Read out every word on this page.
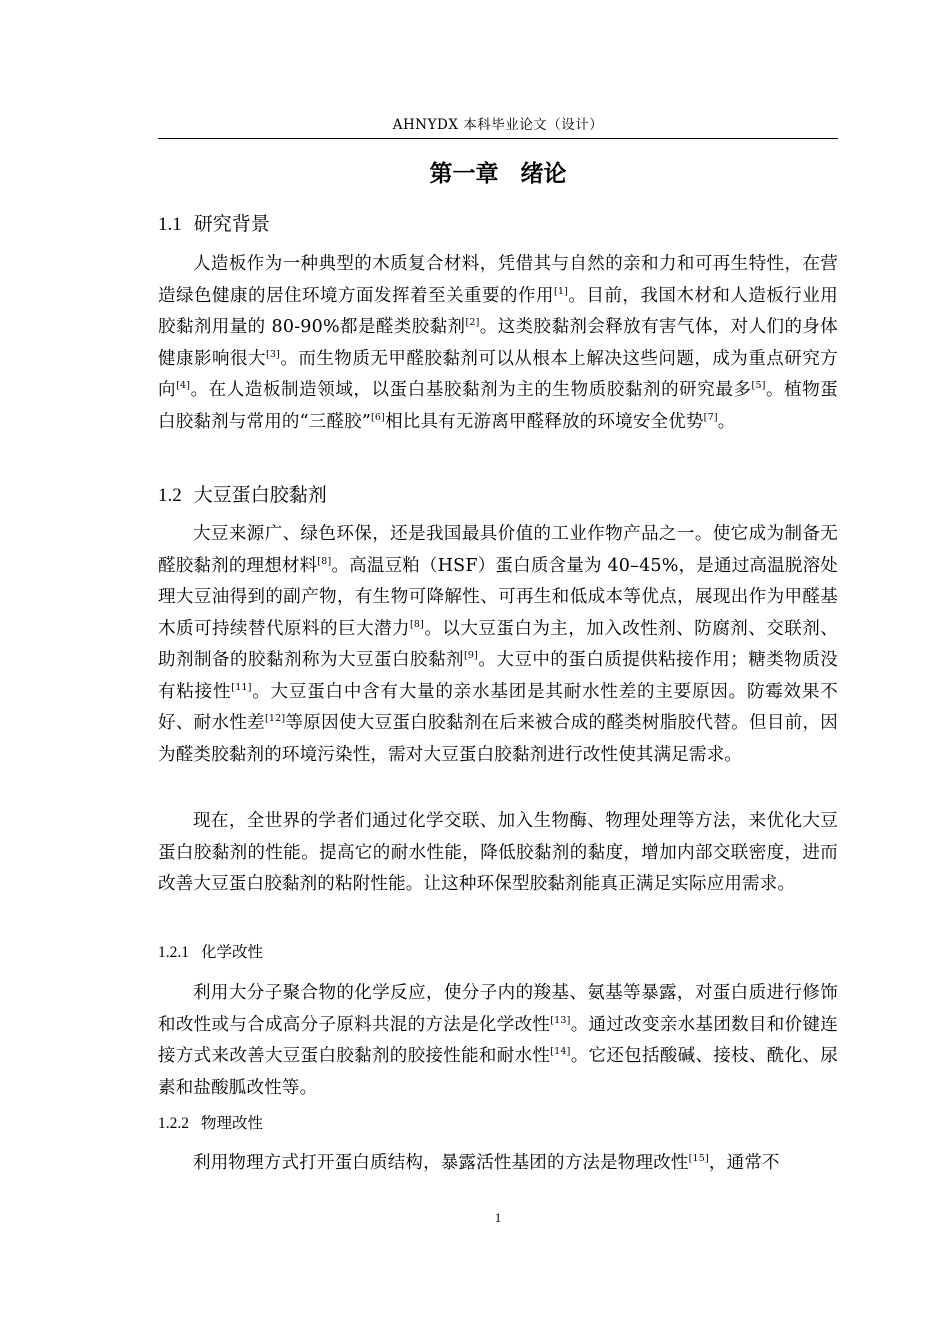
AHNYDX 本科毕业论文（设计）
第一章 绪论
1.1 研究背景
人造板作为一种典型的木质复合材料，凭借其与自然的亲和力和可再生特性，在营造绿色健康的居住环境方面发挥着至关重要的作用[1]。目前，我国木材和人造板行业用胶黏剂用量的 80-90%都是醛类胶黏剂[2]。这类胶黏剂会释放有害气体，对人们的身体健康影响很大[3]。而生物质无甲醛胶黏剂可以从根本上解决这些问题，成为重点研究方向[4]。在人造板制造领域，以蛋白基胶黏剂为主的生物质胶黏剂的研究最多[5]。植物蛋白胶黏剂与常用的“三醛胶”[6]相比具有无游离甲醛释放的环境安全优势[7]。
1.2 大豆蛋白胶黏剂
大豆来源广、绿色环保，还是我国最具价值的工业作物产品之一。使它成为制备无醛胶黏剂的理想材料[8]。高温豆粕（HSF）蛋白质含量为 40–45%，是通过高温脱溶处理大豆油得到的副产物，有生物可降解性、可再生和低成本等优点，展现出作为甲醛基木质可持续替代原料的巨大潜力[8]。以大豆蛋白为主，加入改性剂、防腐剂、交联剂、助剂制备的胶黏剂称为大豆蛋白胶黏剂[9]。大豆中的蛋白质提供粘接作用；糖类物质没有粘接性[11]。大豆蛋白中含有大量的亲水基团是其耐水性差的主要原因。防霉效果不好、耐水性差[12]等原因使大豆蛋白胶黏剂在后来被合成的醛类树脂胶代替。但目前，因为醛类胶黏剂的环境污染性，需对大豆蛋白胶黏剂进行改性使其满足需求。
现在，全世界的学者们通过化学交联、加入生物酶、物理处理等方法，来优化大豆蛋白胶黏剂的性能。提高它的耐水性能，降低胶黏剂的黏度，增加内部交联密度，进而改善大豆蛋白胶黏剂的粘附性能。让这种环保型胶黏剂能真正满足实际应用需求。
1.2.1 化学改性
利用大分子聚合物的化学反应，使分子内的羧基、氨基等暴露，对蛋白质进行修饰和改性或与合成高分子原料共混的方法是化学改性[13]。通过改变亲水基团数目和价键连接方式来改善大豆蛋白胶黏剂的胶接性能和耐水性[14]。它还包括酸碱、接枝、酰化、尿素和盐酸胍改性等。
1.2.2 物理改性
利用物理方式打开蛋白质结构，暴露活性基团的方法是物理改性[15]，通常不
1
